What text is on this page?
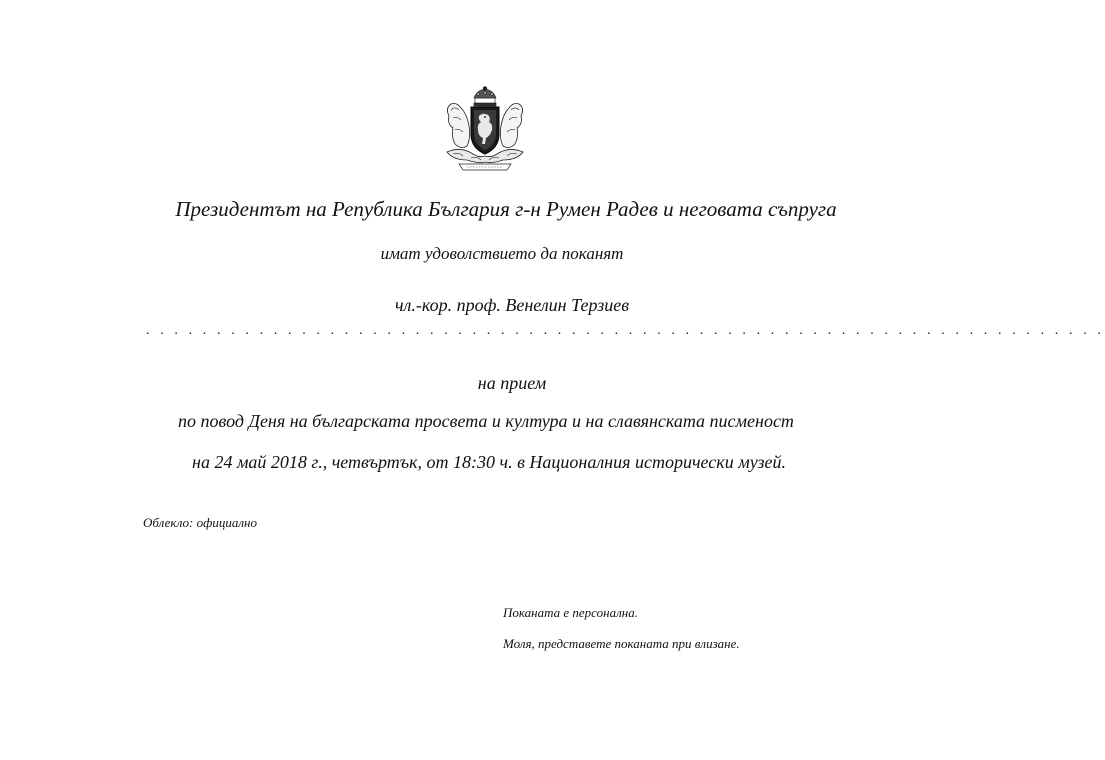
Президентът на Република България г-н Румен Радев и неговата съпруга
имат удоволствието да поканят
чл.-кор. проф. Венелин Терзиев
. . . . . . . . . . . . . . . . . . . . . . . . . . . . . . . . . . . . . . . . . . . . . . . . . . . . . . . . . . . . . . . . . . . .
на прием
по повод Деня на българската просвета и култура и на славянската писменост
на 24 май 2018 г., четвъртък, от 18:30 ч. в Националния исторически музей.
Облекло: официално
Поканата е персонална.
Моля, представете поканата при влизане.
